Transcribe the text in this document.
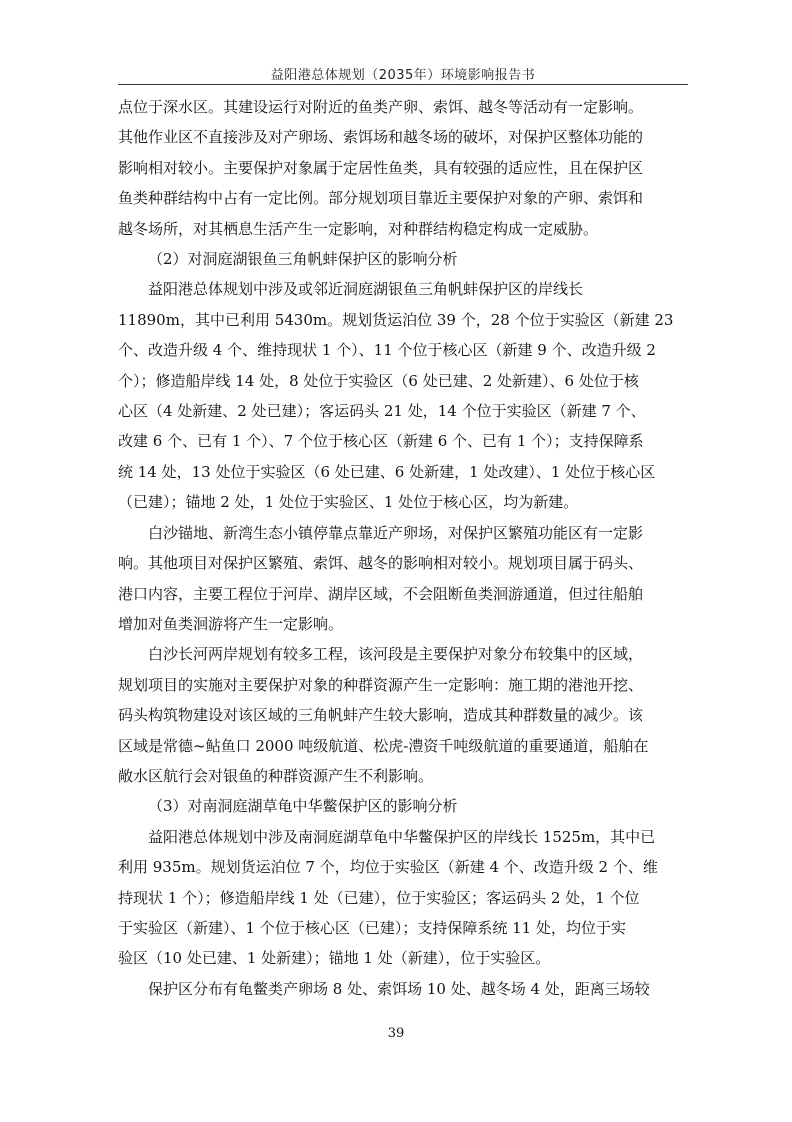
益阳港总体规划（2035年）环境影响报告书

点位于深水区。其建设运行对附近的鱼类产卵、索饵、越冬等活动有一定影响。
其他作业区不直接涉及对产卵场、索饵场和越冬场的破坏，对保护区整体功能的
影响相对较小。主要保护对象属于定居性鱼类，具有较强的适应性，且在保护区
鱼类种群结构中占有一定比例。部分规划项目靠近主要保护对象的产卵、索饵和
越冬场所，对其栖息生活产生一定影响，对种群结构稳定构成一定威胁。

（2）对洞庭湖银鱼三角帆蚌保护区的影响分析

益阳港总体规划中涉及或邻近洞庭湖银鱼三角帆蚌保护区的岸线长
11890m，其中已利用 5430m。规划货运泊位 39 个，28 个位于实验区（新建 23
个、改造升级 4 个、维持现状 1 个）、11 个位于核心区（新建 9 个、改造升级 2
个）；修造船岸线 14 处，8 处位于实验区（6 处已建、2 处新建）、6 处位于核
心区（4 处新建、2 处已建）；客运码头 21 处，14 个位于实验区（新建 7 个、
改建 6 个、已有 1 个）、7 个位于核心区（新建 6 个、已有 1 个）；支持保障系
统 14 处，13 处位于实验区（6 处已建、6 处新建，1 处改建）、1 处位于核心区
（已建）；锚地 2 处，1 处位于实验区、1 处位于核心区，均为新建。

白沙锚地、新湾生态小镇停靠点靠近产卵场，对保护区繁殖功能区有一定影
响。其他项目对保护区繁殖、索饵、越冬的影响相对较小。规划项目属于码头、
港口内容，主要工程位于河岸、湖岸区域，不会阻断鱼类洄游通道，但过往船舶
增加对鱼类洄游将产生一定影响。

白沙长河两岸规划有较多工程，该河段是主要保护对象分布较集中的区域，
规划项目的实施对主要保护对象的种群资源产生一定影响：施工期的港池开挖、
码头构筑物建设对该区域的三角帆蚌产生较大影响，造成其种群数量的减少。该
区域是常德~鲇鱼口 2000 吨级航道、松虎-澧资千吨级航道的重要通道，船舶在
敞水区航行会对银鱼的种群资源产生不利影响。

（3）对南洞庭湖草龟中华鳖保护区的影响分析

益阳港总体规划中涉及南洞庭湖草龟中华鳖保护区的岸线长 1525m，其中已
利用 935m。规划货运泊位 7 个，均位于实验区（新建 4 个、改造升级 2 个、维
持现状 1 个）；修造船岸线 1 处（已建），位于实验区；客运码头 2 处，1 个位
于实验区（新建）、1 个位于核心区（已建）；支持保障系统 11 处，均位于实
验区（10 处已建、1 处新建）；锚地 1 处（新建），位于实验区。

保护区分布有龟鳖类产卵场 8 处、索饵场 10 处、越冬场 4 处，距离三场较

39
